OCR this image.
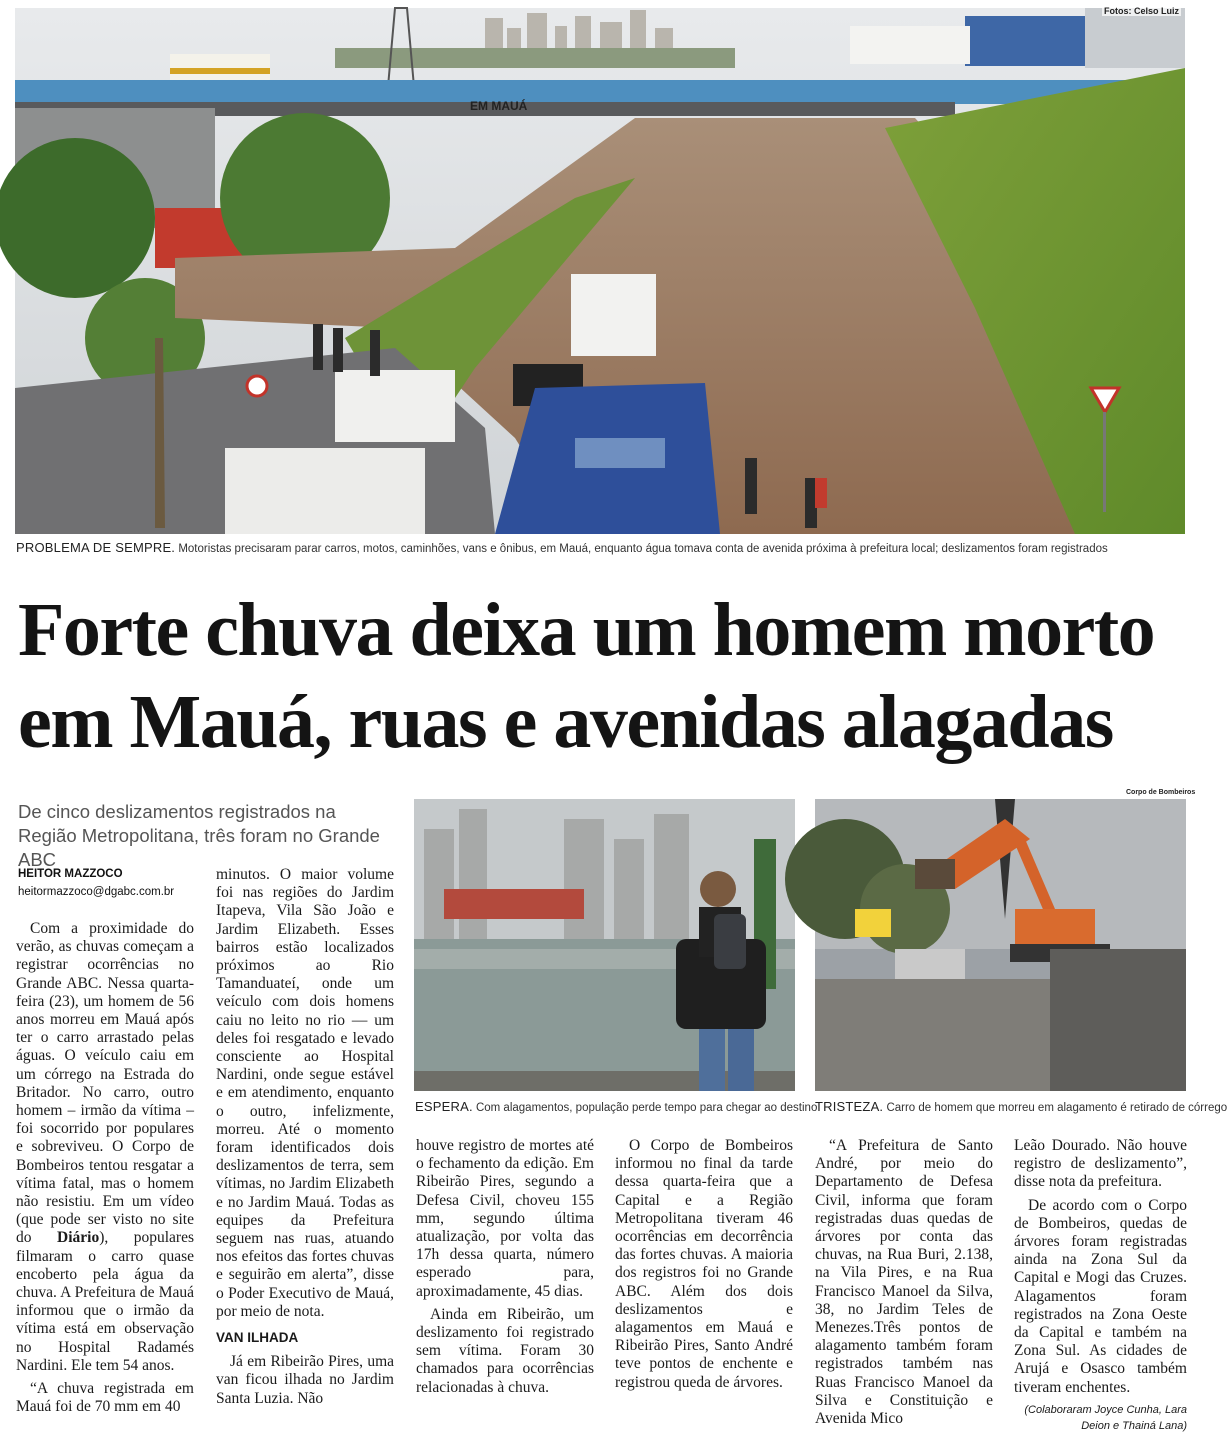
EM MAUÁ
Fotos: Celso Luiz
PROBLEMA DE SEMPRE. Motoristas precisaram parar carros, motos, caminhões, vans e ônibus, em Mauá, enquanto água tomava conta de avenida próxima à prefeitura local; deslizamentos foram registrados
Forte chuva deixa um homem morto
em Mauá, ruas e avenidas alagadas
De cinco deslizamentos registrados na Região Metropolitana, três foram no Grande ABC
HEITOR MAZZOCO
heitormazzoco@dgabc.com.br
ESPERA. Com alagamentos, população perde tempo para chegar ao destino
Corpo de Bombeiros
TRISTEZA. Carro de homem que morreu em alagamento é retirado de córrego

Com a proximidade do verão, as chuvas começam a registrar ocorrências no Grande ABC. Nessa quarta-feira (23), um homem de 56 anos morreu em Mauá após ter o carro arrastado pelas águas. O veículo caiu em um córrego na Estrada do Britador. No carro, outro homem – irmão da vítima – foi socorrido por populares e sobreviveu. O Corpo de Bombeiros tentou resgatar a vítima fatal, mas o homem não resistiu. Em um vídeo (que pode ser visto no site do Diário), populares filmaram o carro quase encoberto pela água da chuva. A Prefeitura de Mauá informou que o irmão da vítima está em observação no Hospital Radamés Nardini. Ele tem 54 anos.

“A chuva registrada em Mauá foi de 70 mm em 40

minutos. O maior volume foi nas regiões do Jardim Itapeva, Vila São João e Jardim Elizabeth. Esses bairros estão localizados próximos ao Rio Tamanduateí, onde um veículo com dois homens caiu no leito no rio — um deles foi resgatado e levado consciente ao Hospital Nardini, onde segue estável e em atendimento, enquanto o outro, infelizmente, morreu. Até o momento foram identificados dois deslizamentos de terra, sem vítimas, no Jardim Elizabeth e no Jardim Mauá. Todas as equipes da Prefeitura seguem nas ruas, atuando nos efeitos das fortes chuvas e seguirão em alerta”, disse o Poder Executivo de Mauá, por meio de nota.

VAN ILHADA

Já em Ribeirão Pires, uma van ficou ilhada no Jardim Santa Luzia. Não

houve registro de mortes até o fechamento da edição. Em Ribeirão Pires, segundo a Defesa Civil, choveu 155 mm, segundo última atualização, por volta das 17h dessa quarta, número esperado para, aproximadamente, 45 dias.

Ainda em Ribeirão, um deslizamento foi registrado sem vítima. Foram 30 chamados para ocorrências relacionadas à chuva.

O Corpo de Bombeiros informou no final da tarde dessa quarta-feira que a Capital e a Região Metropolitana tiveram 46 ocorrências em decorrência das fortes chuvas. A maioria dos registros foi no Grande ABC. Além dos dois deslizamentos e alagamentos em Mauá e Ribeirão Pires, Santo André teve pontos de enchente e registrou queda de árvores.

“A Prefeitura de Santo André, por meio do Departamento de Defesa Civil, informa que foram registradas duas quedas de árvores por conta das chuvas, na Rua Buri, 2.138, na Vila Pires, e na Rua Francisco Manoel da Silva, 38, no Jardim Teles de Menezes.Três pontos de alagamento também foram registrados também nas Ruas Francisco Manoel da Silva e Constituição e Avenida Mico

Leão Dourado. Não houve registro de deslizamento”, disse nota da prefeitura.

De acordo com o Corpo de Bombeiros, quedas de árvores foram registradas ainda na Zona Sul da Capital e Mogi das Cruzes. Alagamentos foram registrados na Zona Oeste da Capital e também na Zona Sul. As cidades de Arujá e Osasco também tiveram enchentes.

(Colaboraram Joyce Cunha, Lara Deion e Thainá Lana)
